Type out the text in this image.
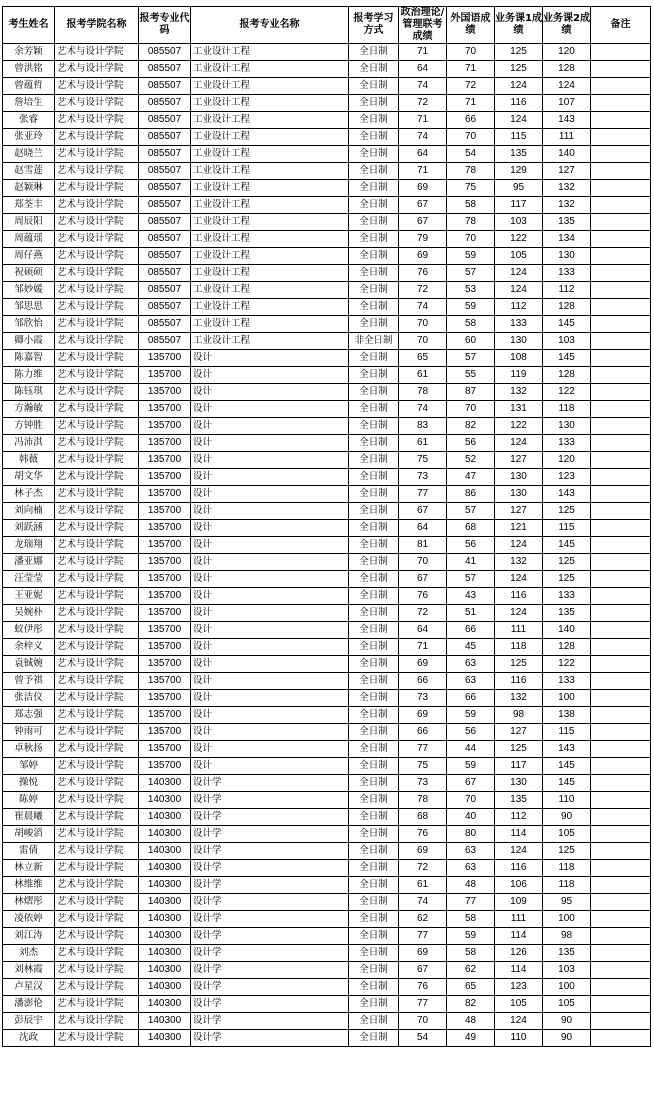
考生姓名	报考学院名称	报考专业代码	报考专业名称	报考学习方式	政治理论/管理联考成绩	外国语成绩	业务课1成绩	业务课2成绩	备注
余芳颖	艺术与设计学院	085507	工业设计工程	全日制	71	70	125	120	
曾洪铭	艺术与设计学院	085507	工业设计工程	全日制	64	71	125	128	
曾蕴哲	艺术与设计学院	085507	工业设计工程	全日制	74	72	124	124	
詹培生	艺术与设计学院	085507	工业设计工程	全日制	72	71	116	107	
张睿	艺术与设计学院	085507	工业设计工程	全日制	71	66	124	143	
张亚玲	艺术与设计学院	085507	工业设计工程	全日制	74	70	115	111	
赵晓兰	艺术与设计学院	085507	工业设计工程	全日制	64	54	135	140	
赵雪莲	艺术与设计学院	085507	工业设计工程	全日制	71	78	129	127	
赵颖琳	艺术与设计学院	085507	工业设计工程	全日制	69	75	95	132	
郑荃丰	艺术与设计学院	085507	工业设计工程	全日制	67	58	117	132	
周辰阳	艺术与设计学院	085507	工业设计工程	全日制	67	78	103	135	
周蕴瑶	艺术与设计学院	085507	工业设计工程	全日制	79	70	122	134	
周仔燕	艺术与设计学院	085507	工业设计工程	全日制	69	59	105	130	
祝硕硕	艺术与设计学院	085507	工业设计工程	全日制	76	57	124	133	
邹妙媛	艺术与设计学院	085507	工业设计工程	全日制	72	53	124	112	
邹思思	艺术与设计学院	085507	工业设计工程	全日制	74	59	112	128	
邹欣怡	艺术与设计学院	085507	工业设计工程	全日制	70	58	133	145	
卿小霞	艺术与设计学院	085507	工业设计工程	非全日制	70	60	130	103	
陈嘉智	艺术与设计学院	135700	设计	全日制	65	57	108	145	
陈力维	艺术与设计学院	135700	设计	全日制	61	55	119	128	
陈钰琪	艺术与设计学院	135700	设计	全日制	78	87	132	122	
方瀚敏	艺术与设计学院	135700	设计	全日制	74	70	131	118	
方钟胜	艺术与设计学院	135700	设计	全日制	83	82	122	130	
冯沛淇	艺术与设计学院	135700	设计	全日制	61	56	124	133	
韩薇	艺术与设计学院	135700	设计	全日制	75	52	127	120	
胡文华	艺术与设计学院	135700	设计	全日制	73	47	130	123	
林子杰	艺术与设计学院	135700	设计	全日制	77	86	130	143	
刘向楠	艺术与设计学院	135700	设计	全日制	67	57	127	125	
刘跃涵	艺术与设计学院	135700	设计	全日制	64	68	121	115	
龙瑞翔	艺术与设计学院	135700	设计	全日制	81	56	124	145	
潘亚娜	艺术与设计学院	135700	设计	全日制	70	41	132	125	
汪莹莹	艺术与设计学院	135700	设计	全日制	67	57	124	125	
王亚妮	艺术与设计学院	135700	设计	全日制	76	43	116	133	
吴婉朴	艺术与设计学院	135700	设计	全日制	72	51	124	135	
蚁伊彤	艺术与设计学院	135700	设计	全日制	64	66	111	140	
余梓义	艺术与设计学院	135700	设计	全日制	71	45	118	128	
袁铖婉	艺术与设计学院	135700	设计	全日制	69	63	125	122	
曾予祺	艺术与设计学院	135700	设计	全日制	66	63	116	133	
张洁仪	艺术与设计学院	135700	设计	全日制	73	66	132	100	
郑志强	艺术与设计学院	135700	设计	全日制	69	59	98	138	
钟雨可	艺术与设计学院	135700	设计	全日制	66	56	127	115	
卓秋扬	艺术与设计学院	135700	设计	全日制	77	44	125	143	
邹婷	艺术与设计学院	135700	设计	全日制	75	59	117	145	
操悦	艺术与设计学院	140300	设计学	全日制	73	67	130	145	
陈婷	艺术与设计学院	140300	设计学	全日制	78	70	135	110	
崔晨曦	艺术与设计学院	140300	设计学	全日制	68	40	112	90	
胡峻滔	艺术与设计学院	140300	设计学	全日制	76	80	114	105	
雷倩	艺术与设计学院	140300	设计学	全日制	69	63	124	125	
林立新	艺术与设计学院	140300	设计学	全日制	72	63	116	118	
林维维	艺术与设计学院	140300	设计学	全日制	61	48	106	118	
林熠彤	艺术与设计学院	140300	设计学	全日制	74	77	109	95	
凌依婷	艺术与设计学院	140300	设计学	全日制	62	58	111	100	
刘江涛	艺术与设计学院	140300	设计学	全日制	77	59	114	98	
刘杰	艺术与设计学院	140300	设计学	全日制	69	58	126	135	
刘林霞	艺术与设计学院	140300	设计学	全日制	67	62	114	103	
卢星汉	艺术与设计学院	140300	设计学	全日制	76	65	123	100	
潘澎伦	艺术与设计学院	140300	设计学	全日制	77	82	105	105	
彭辰宇	艺术与设计学院	140300	设计学	全日制	70	48	124	90	
沈政	艺术与设计学院	140300	设计学	全日制	54	49	110	90	
